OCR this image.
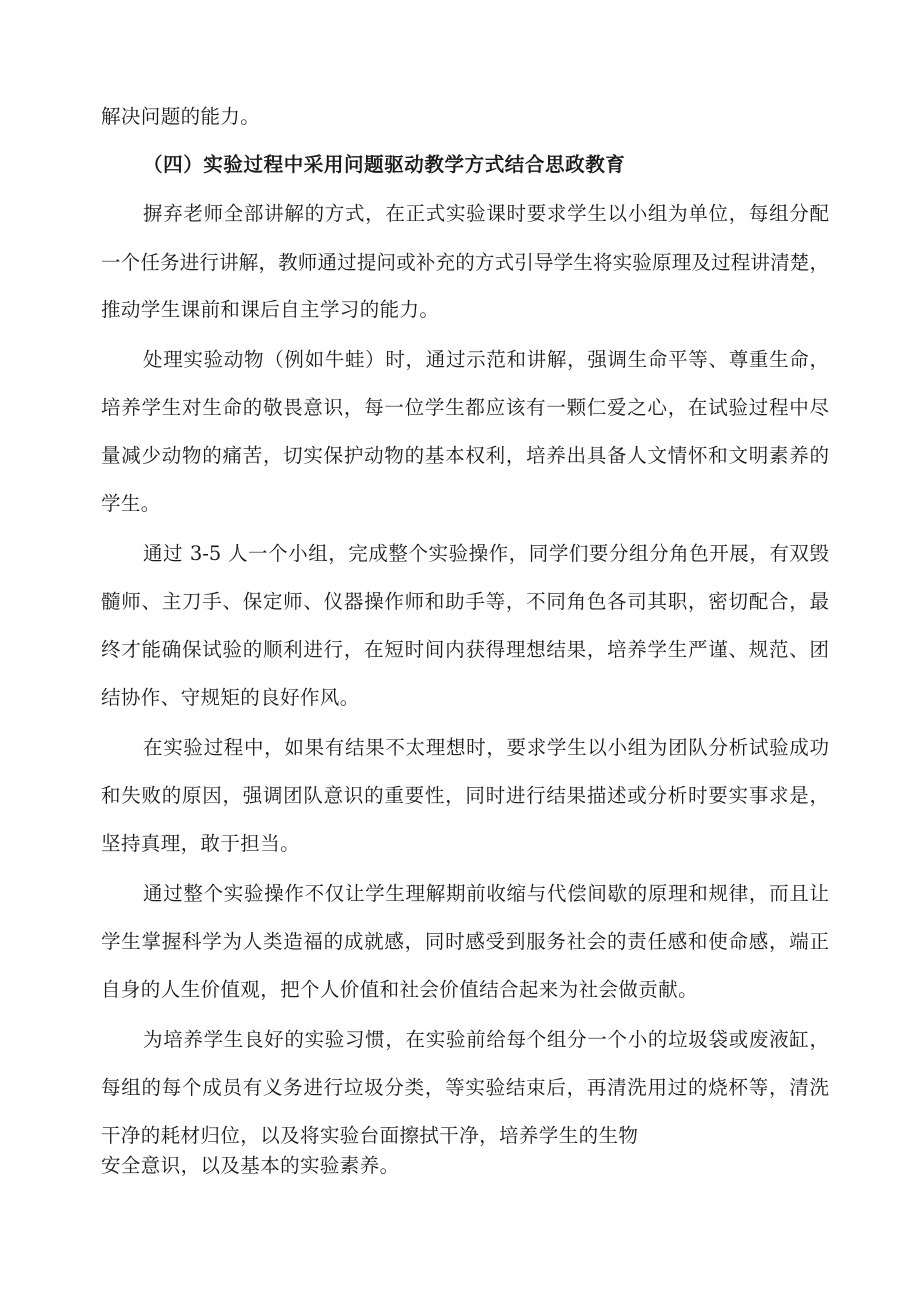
解决问题的能力。
（四）实验过程中采用问题驱动教学方式结合思政教育
摒弃老师全部讲解的方式，在正式实验课时要求学生以小组为单位，每组分配
一个任务进行讲解，教师通过提问或补充的方式引导学生将实验原理及过程讲清楚，
推动学生课前和课后自主学习的能力。
处理实验动物（例如牛蛙）时，通过示范和讲解，强调生命平等、尊重生命，
培养学生对生命的敬畏意识，每一位学生都应该有一颗仁爱之心，在试验过程中尽
量减少动物的痛苦，切实保护动物的基本权利，培养出具备人文情怀和文明素养的
学生。
通过 3-5 人一个小组，完成整个实验操作，同学们要分组分角色开展，有双毁
髓师、主刀手、保定师、仪器操作师和助手等，不同角色各司其职，密切配合，最
终才能确保试验的顺利进行，在短时间内获得理想结果，培养学生严谨、规范、团
结协作、守规矩的良好作风。
在实验过程中，如果有结果不太理想时，要求学生以小组为团队分析试验成功
和失败的原因，强调团队意识的重要性，同时进行结果描述或分析时要实事求是，
坚持真理，敢于担当。
通过整个实验操作不仅让学生理解期前收缩与代偿间歇的原理和规律，而且让
学生掌握科学为人类造福的成就感，同时感受到服务社会的责任感和使命感，端正
自身的人生价值观，把个人价值和社会价值结合起来为社会做贡献。
为培养学生良好的实验习惯，在实验前给每个组分一个小的垃圾袋或废液缸，
每组的每个成员有义务进行垃圾分类，等实验结束后，再清洗用过的烧杯等，清洗
干净的耗材归位，以及将实验台面擦拭干净，培养学生的生物
安全意识，以及基本的实验素养。
